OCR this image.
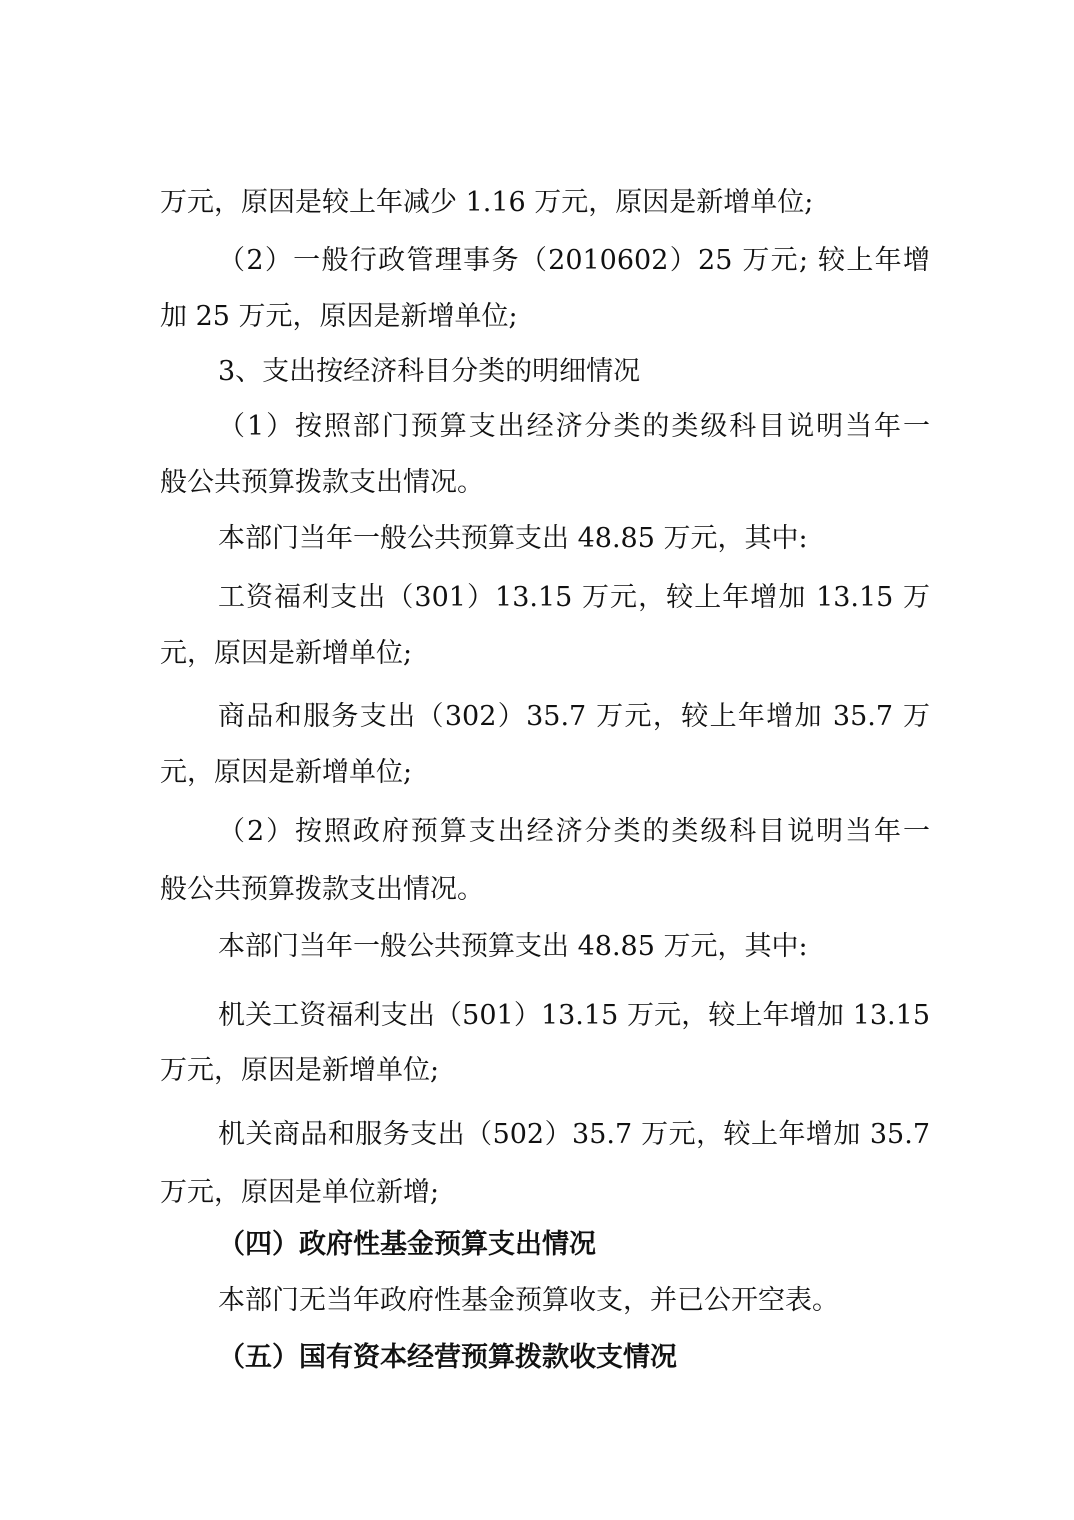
万元，原因是较上年减少 1.16 万元，原因是新增单位;
（2）一般行政管理事务（2010602）25 万元; 较上年增
加 25 万元，原因是新增单位;
3、支出按经济科目分类的明细情况
（1）按照部门预算支出经济分类的类级科目说明当年一
般公共预算拨款支出情况。
本部门当年一般公共预算支出 48.85 万元，其中:
工资福利支出（301）13.15 万元，较上年增加 13.15 万
元，原因是新增单位;
商品和服务支出（302）35.7 万元，较上年增加 35.7 万
元，原因是新增单位;
（2）按照政府预算支出经济分类的类级科目说明当年一
般公共预算拨款支出情况。
本部门当年一般公共预算支出 48.85 万元，其中:
机关工资福利支出（501）13.15 万元，较上年增加 13.15
万元，原因是新增单位;
机关商品和服务支出（502）35.7 万元，较上年增加 35.7
万元，原因是单位新增;
（四）政府性基金预算支出情况
本部门无当年政府性基金预算收支，并已公开空表。
（五）国有资本经营预算拨款收支情况
